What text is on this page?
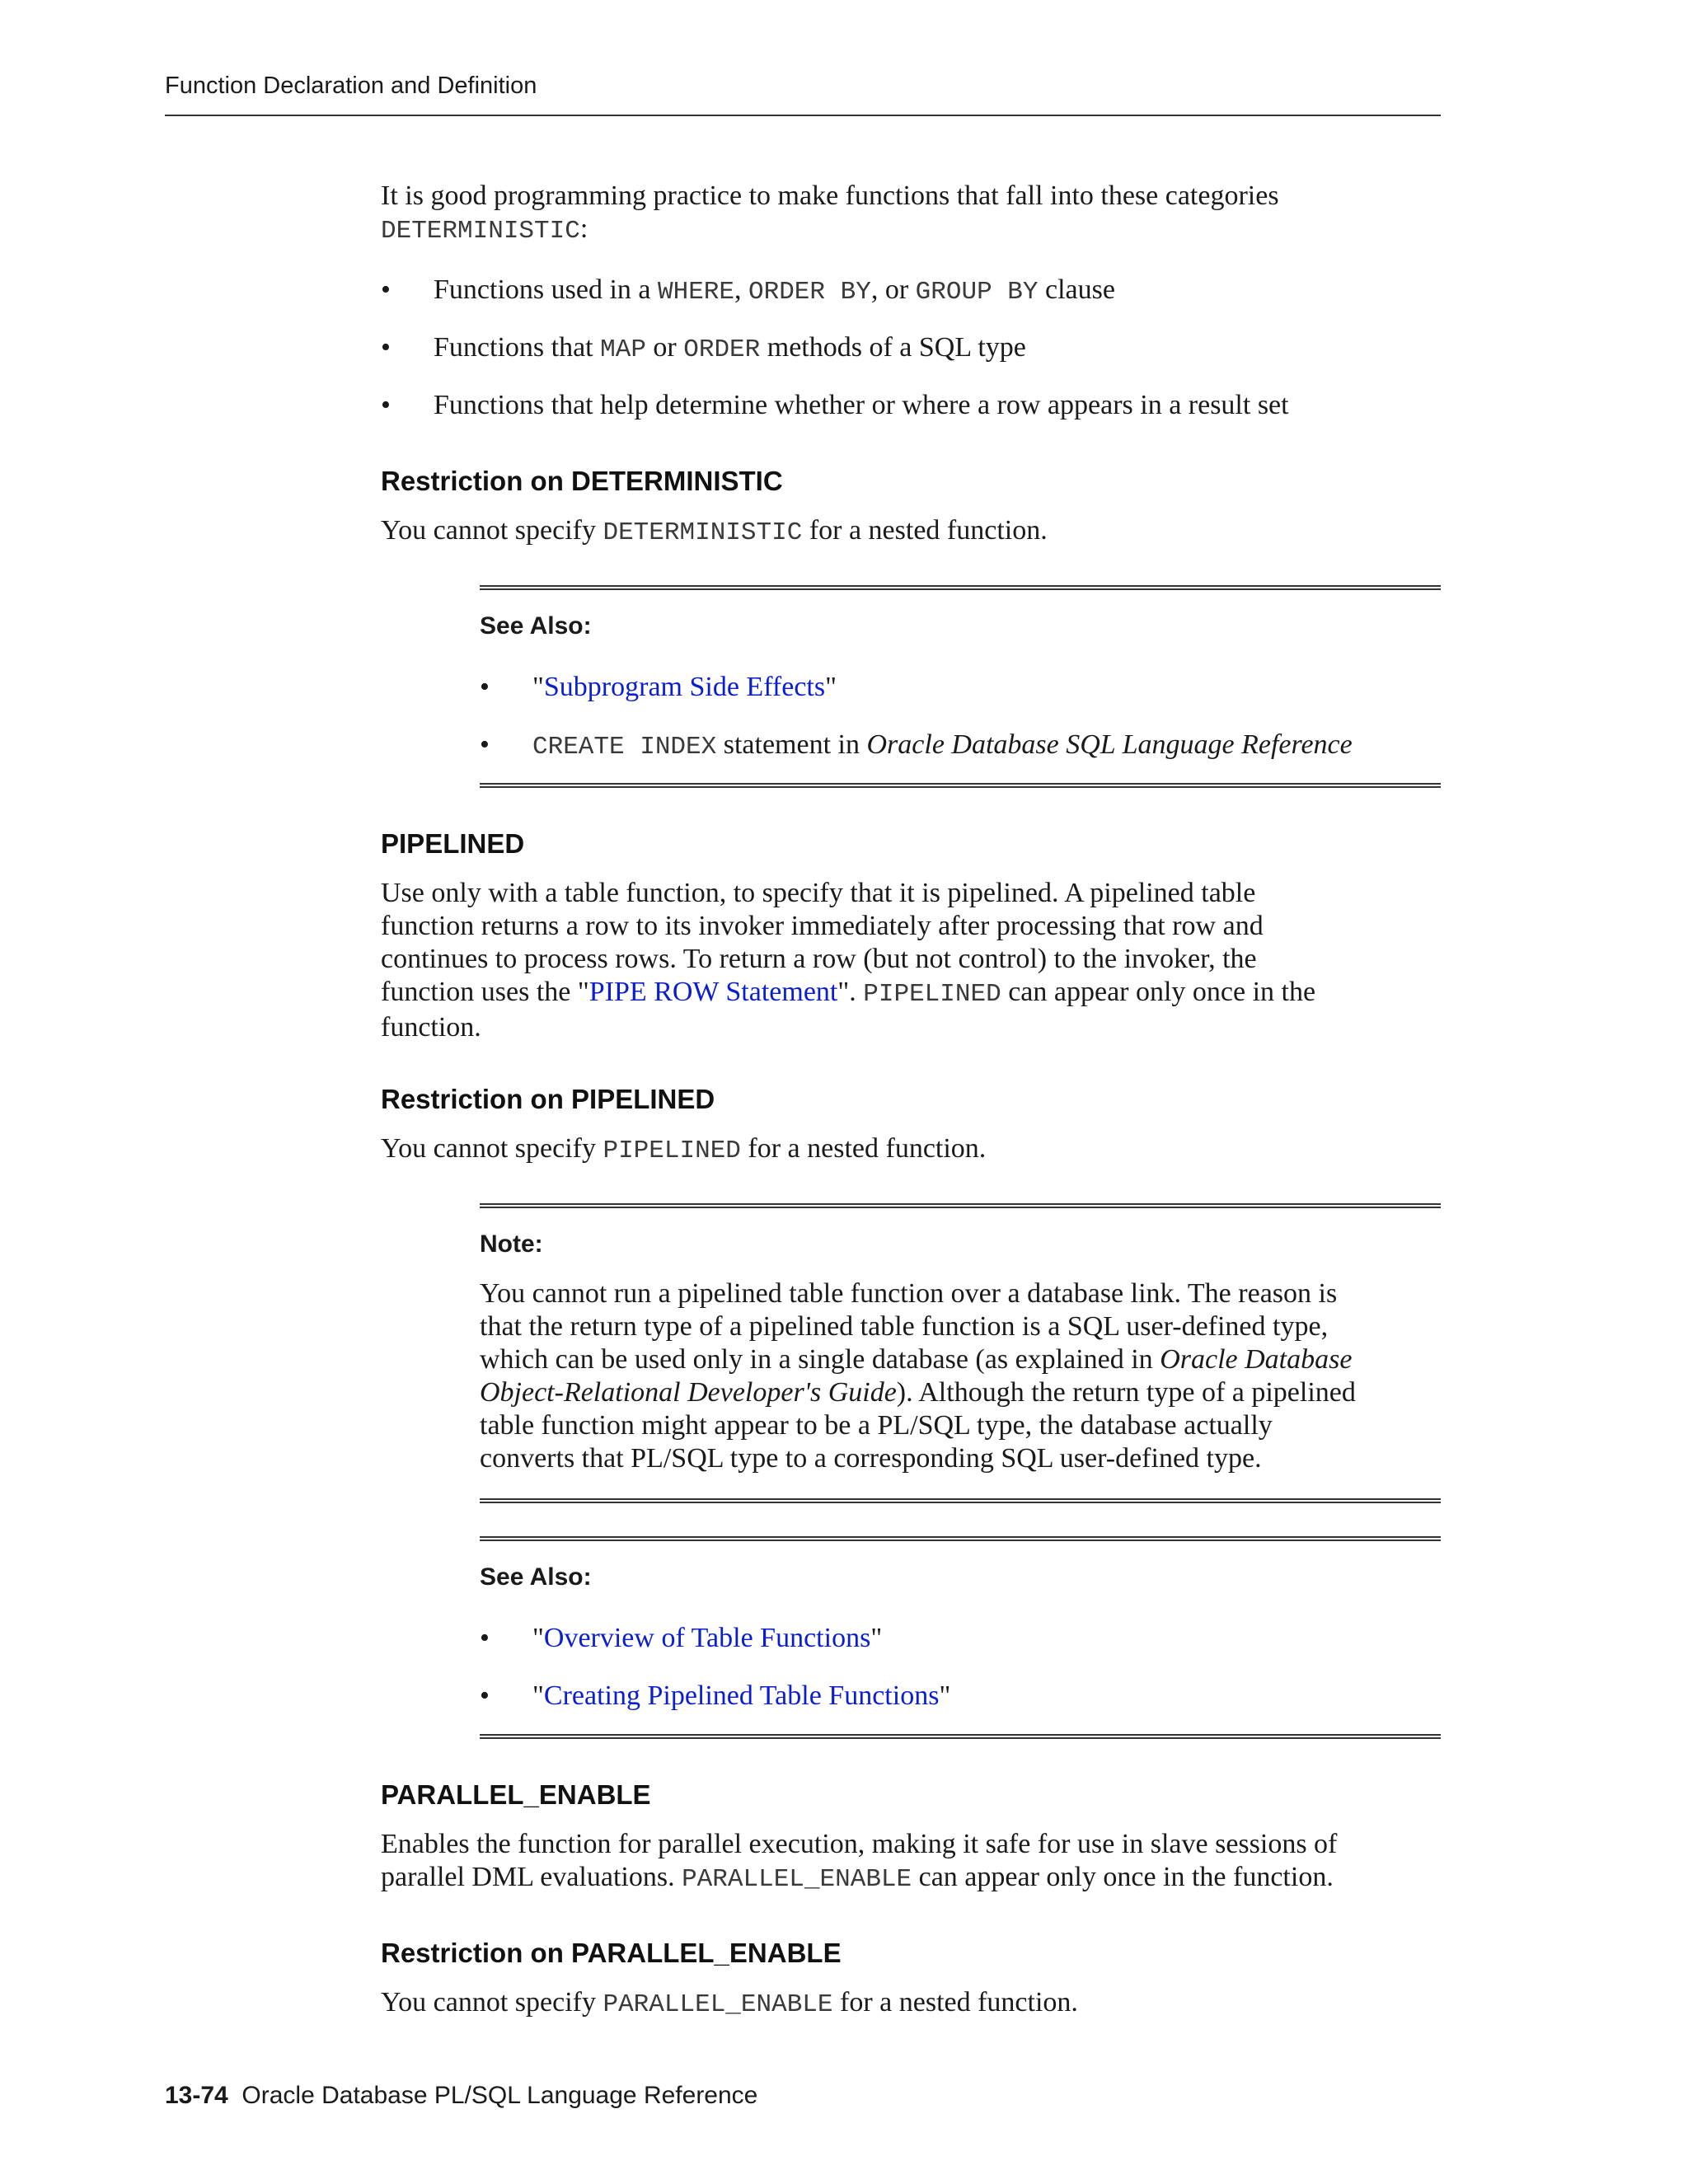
Function Declaration and Definition
It is good programming practice to make functions that fall into these categories
DETERMINISTIC:
• Functions used in a WHERE, ORDER BY, or GROUP BY clause
• Functions that MAP or ORDER methods of a SQL type
• Functions that help determine whether or where a row appears in a result set
Restriction on DETERMINISTIC

You cannot specify DETERMINISTIC for a nested function.

See Also:
• "Subprogram Side Effects"
• CREATE INDEX statement in Oracle Database SQL Language Reference
PIPELINED
Use only with a table function, to specify that it is pipelined. A pipelined table
function returns a row to its invoker immediately after processing that row and
continues to process rows. To return a row (but not control) to the invoker, the
function uses the "PIPE ROW Statement". PIPELINED can appear only once in the
function.
Restriction on PIPELINED

You cannot specify PIPELINED for a nested function.

Note:
You cannot run a pipelined table function over a database link. The reason is
that the return type of a pipelined table function is a SQL user-defined type,
which can be used only in a single database (as explained in Oracle Database
Object-Relational Developer's Guide). Although the return type of a pipelined
table function might appear to be a PL/SQL type, the database actually
converts that PL/SQL type to a corresponding SQL user-defined type.
See Also:
• "Overview of Table Functions"
• "Creating Pipelined Table Functions"
PARALLEL_ENABLE
Enables the function for parallel execution, making it safe for use in slave sessions of
parallel DML evaluations. PARALLEL_ENABLE can appear only once in the function.
Restriction on PARALLEL_ENABLE

You cannot specify PARALLEL_ENABLE for a nested function.

13-74 Oracle Database PL/SQL Language Reference
